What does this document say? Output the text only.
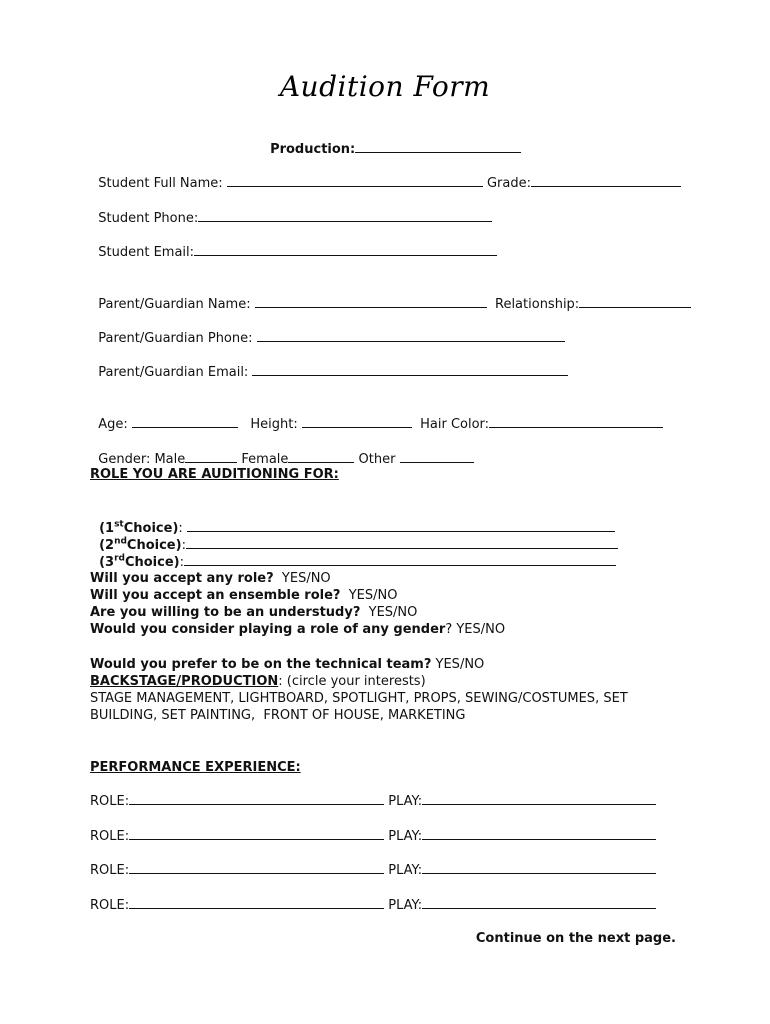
Audition Form

Production:

Student Full Name:	Grade:

Student Phone:

Student Email:

Parent/Guardian Name:	Relationship:

Parent/Guardian Phone:

Parent/Guardian Email:

Age:	Height:	Hair Color:

Gender: Male	Female	Other

ROLE YOU ARE AUDITIONING FOR:

(1stChoice):

(2ndChoice):

(3rdChoice):

Will you accept any role? YES/NO
Will you accept an ensemble role? YES/NO
Are you willing to be an understudy? YES/NO
Would you consider playing a role of any gender? YES/NO
Would you prefer to be on the technical team? YES/NO
BACKSTAGE/PRODUCTION: (circle your interests)
STAGE MANAGEMENT, LIGHTBOARD, SPOTLIGHT, PROPS, SEWING/COSTUMES, SET
BUILDING, SET PAINTING,  FRONT OF HOUSE, MARKETING
PERFORMANCE EXPERIENCE:
ROLE:	PLAY:
ROLE:	PLAY:
ROLE:	PLAY:
ROLE:	PLAY:
Continue on the next page.
